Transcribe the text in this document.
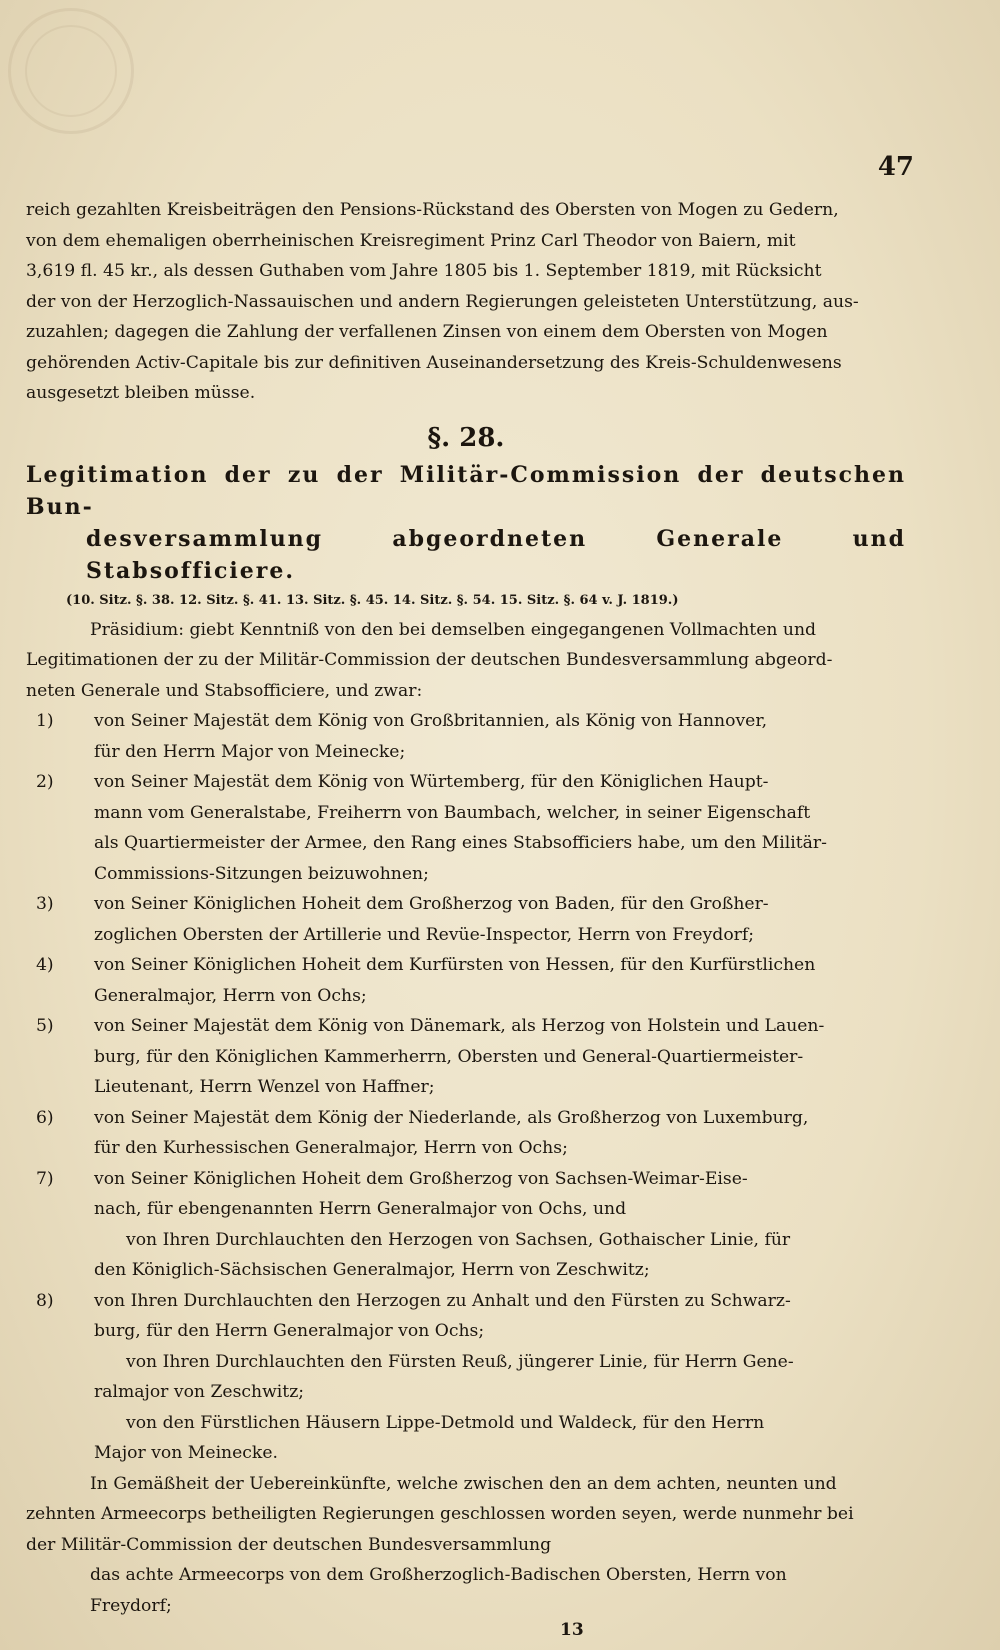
47
reich gezahlten Kreisbeiträgen den Pensions-Rückstand des Obersten von Mogen zu Gedern,
von dem ehemaligen oberrheinischen Kreisregiment Prinz Carl Theodor von Baiern, mit
3,619 fl. 45 kr., als dessen Guthaben vom Jahre 1805 bis 1. September 1819, mit Rücksicht
der von der Herzoglich-Nassauischen und andern Regierungen geleisteten Unterstützung, aus-
zuzahlen; dagegen die Zahlung der verfallenen Zinsen von einem dem Obersten von Mogen
gehörenden Activ-Capitale bis zur definitiven Auseinandersetzung des Kreis-Schuldenwesens
ausgesetzt bleiben müsse.
§. 28.
Legitimation der zu der Militär-Commission der deutschen Bun-
desversammlung abgeordneten Generale und Stabsofficiere.
(10. Sitz. §. 38. 12. Sitz. §. 41. 13. Sitz. §. 45. 14. Sitz. §. 54. 15. Sitz. §. 64 v. J. 1819.)
Präsidium: giebt Kenntniß von den bei demselben eingegangenen Vollmachten und
Legitimationen der zu der Militär-Commission der deutschen Bundesversammlung abgeord-
neten Generale und Stabsofficiere, und zwar:
1) von Seiner Majestät dem König von Großbritannien, als König von Hannover,
für den Herrn Major von Meinecke;
2) von Seiner Majestät dem König von Würtemberg, für den Königlichen Haupt-
mann vom Generalstabe, Freiherrn von Baumbach, welcher, in seiner Eigenschaft
als Quartiermeister der Armee, den Rang eines Stabsofficiers habe, um den Militär-
Commissions-Sitzungen beizuwohnen;
3) von Seiner Königlichen Hoheit dem Großherzog von Baden, für den Großher-
zoglichen Obersten der Artillerie und Revüe-Inspector, Herrn von Freydorf;
4) von Seiner Königlichen Hoheit dem Kurfürsten von Hessen, für den Kurfürstlichen
Generalmajor, Herrn von Ochs;
5) von Seiner Majestät dem König von Dänemark, als Herzog von Holstein und Lauen-
burg, für den Königlichen Kammerherrn, Obersten und General-Quartiermeister-
Lieutenant, Herrn Wenzel von Haffner;
6) von Seiner Majestät dem König der Niederlande, als Großherzog von Luxemburg,
für den Kurhessischen Generalmajor, Herrn von Ochs;
7) von Seiner Königlichen Hoheit dem Großherzog von Sachsen-Weimar-Eise-
nach, für ebengenannten Herrn Generalmajor von Ochs, und
von Ihren Durchlauchten den Herzogen von Sachsen, Gothaischer Linie, für
den Königlich-Sächsischen Generalmajor, Herrn von Zeschwitz;
8) von Ihren Durchlauchten den Herzogen zu Anhalt und den Fürsten zu Schwarz-
burg, für den Herrn Generalmajor von Ochs;
von Ihren Durchlauchten den Fürsten Reuß, jüngerer Linie, für Herrn Gene-
ralmajor von Zeschwitz;
von den Fürstlichen Häusern Lippe-Detmold und Waldeck, für den Herrn
Major von Meinecke.
In Gemäßheit der Uebereinkünfte, welche zwischen den an dem achten, neunten und
zehnten Armeecorps betheiligten Regierungen geschlossen worden seyen, werde nunmehr bei
der Militär-Commission der deutschen Bundesversammlung
das achte Armeecorps von dem Großherzoglich-Badischen Obersten, Herrn von
Freydorf;
13
